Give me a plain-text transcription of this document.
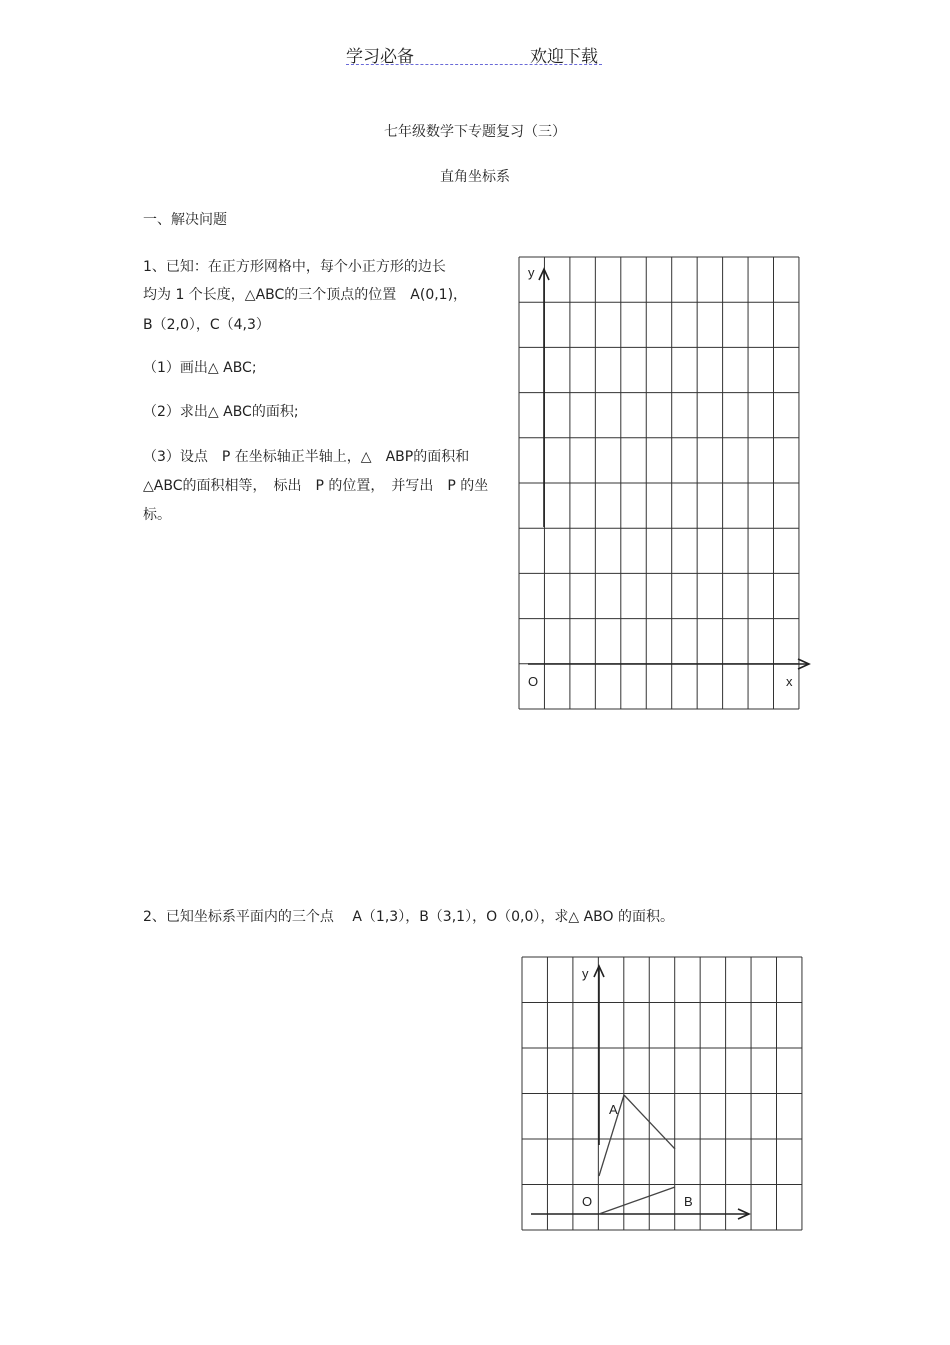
学习必备	欢迎下载
七年级数学下专题复习（三）
直角坐标系
一、解决问题
1、已知：在正方形网格中，每个小正方形的边长
均为 1 个长度，△ABC的三个顶点的位置　A(0,1)，
B（2,0），C（4,3）
（1）画出△ ABC;
（2）求出△ ABC的面积;
（3）设点　P 在坐标轴正半轴上，△　ABP的面积和
△ABC的面积相等，　标出　P 的位置，　并写出　P 的坐
标。
y
x
O
2、已知坐标系平面内的三个点　 A（1,3），B（3,1），O（0,0），求△ ABO 的面积。
y
O
A
B
